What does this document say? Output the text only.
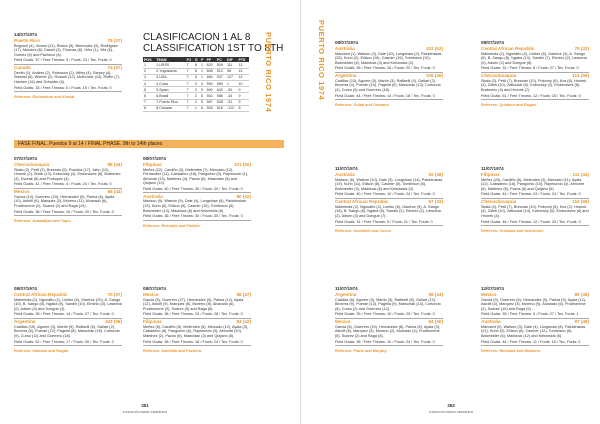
14/07/1974
Puerto Rico	75 (37)
Brignoni (4), Vicens (11), Rivera (5), Bermudez (9), Rodriguez (17), Morales (8), Daniel (3), Thomas (8), Ortiz (1), Vilá (6), Gómez (6) and Pacheco (6).
Field Goals: 37 / Free Throws: 9 / Fouls: 23 / Tec. Fouls: 0
Canada	74 (37)
Devlin (1), Anders (2), Robinson (2), Wiley (4), Stepey (4), Stewart (6), Wiener (2), Russell (12), McKenzie (14), Ruffin (7), Hansen (16) and Schuster (6).
Field Goals: 33 / Free Throws: 5 / Fouls: 15 / Tec. Fouls: 0
Referees: Richardson and Kirana.
CLASIFICACION 1 AL 8
CLASSIFICATION 1ST TO 8TH
POS	TEAM	PJ	G	P	PF	PC	DIF	PTS
1	1.URSS	7	6	1	620	509	111	13
2	2.Yugoslavia	7	6	1	608	510	98	13
3	3.USA	7	6	1	664	537	127	13
4	4.Cuba	7	3	4	590	589	1	10
5	5.Spain	7	2	5	590	640	-50	9
6	6.Brasil	7	2	5	552	586	-34	9
7	7.Puerto Rico	7	2	5	587	638	-51	9
8	8.Canada	7	1	6	506	618	-112	8	PUERTO RICO 1974
FASE FINAL. Puestos 9 al 14 / FINAL PHASE. 9th to 14th places
07/07/1974
Checoslovaquia	86 (44)
Skala (2), Pető (2), Bresnán (5), Ruzicka (17), Jahn (12), Hronek (2), Zidek (10), Kobovský (4), Endonaves (8), Brabenec (4), Dvorak (6) and Prokopec (4).
Field Goals: 41 / Free Throws: 4 / Fouls: 24 / Tec. Fouls: 0
Mexico	86 (43)
Garcia (10), Guerrero (20), Hernandez (5), Palma (6), Ayala (10), Astolfi (6), Marquez (2), Moreno (11), Alvarado (6), Prudhomme (2), Suarez (2) and Raga (10).
Field Goals: 38 / Free Throws: 10 / Fouls: 20 / Tec. Fouls: 0
Referees: Arabadjian and Topic.
08/07/1974
Central African Republic	70 (37)
Maliminda (2), Ngonafio (2), Limbio (6), Gambor (20), A. Sango (10), B. Sango (8), Ngaba (9), Sandin (10), Elminio (3), Lawrana (0), Adsen (0) and Dongue (3).
Field Goals: 28 / Free Throws: 14 / Fouls: 27 / Tec. Fouls: 0
Argentina	103 (56)
Cadillac (10), Aguirre (3), Martin (5), Raffaelli (6), Gallart (2), Becerra (6), Puerari (12), Pagella (8), Marschak (18), Cortondo (9), Curso (11) and Guerrero (18).
Field Goals: 52 / Free Throws: 17 / Fouls: 30 / Tec. Fouls: 2
Referees: Galeano and Rogan.
08/07/1974
Filipinas	101 (50)
Meñez (22), Cardiño (3), Melendes (7), Mercado (12), Fernandez (11), Cabadeno (18), Pangomio (9), Raymundo (1), Almonte (13), Martinez (4), Pazos (6), Maavidan (8) and Quijano (10).
Field Goals: 50 / Free Throws: 30 / Fouls: 20 / Tec. Fouls: 0
Australia	80 (42)
Madson (9), Watson (9), Dale (4), Longshaw (6), Palubinskas (19), Kuhn (6), Ellison (6), Casmirr (15), Tomlinson (6), Batchelder (13), Maddock (6) and Kelsinskis (6).
Field Goals: 36 / Free Throws: 30 / Fouls: 30 / Tec. Fouls: 0
Referees: Richards and Fischer.
08/07/1974
Mexico	88 (47)
Garcia (5), Guerrero (27), Hernandez (5), Palma (12), Ayala (12), Astolfi (9), Marquez (6), Moreno (8), Alvarado (6), Prudhomme (0), Suarez (5) and Raga (8).
Field Goals: 38 / Free Throws: 23 / Fouls: 28 / Tec. Fouls: 0
Filipinas	84 (42)
Meñez (5), Cardiño (6), Melendes (5), Mercado (12), Ayala (3), Cabadeno (8), Pangomio (6), Raymundo (3), Almonte (10), Martinez (2), Pazos (6), Maavidan (3) and Quijano (8).
Field Goals: 38 / Free Throws: 18 / Fouls: 24 / Tec. Fouls: 0
Referees: Zarebkin and Pachera.
351
FUNDACIÓN PEDRO FERRÁNDIZ
PUERTO RICO 1974 08/07/1974
Australia	102 (53)
Mandant (1), Watson (3), Dale (10), Longshaw (2), Palubinskas (26), Kuhn (2), Ellison (16), Casmirr (15), Tomlinson (10), Batchelder (6), Maddock (4) and Kelsinskis (2).
Field Goals: 35 / Free Throws: 16 / Fouls: 22 / Tec. Fouls: 0
Argentina	105 (46)
Cadillac (13), Aguirre (3), Martin (3), Raffaelli (4), Gallart (2), Becerra (4), Puerari (10), Pagella (6), Marschak (13), Cortondo (4), Curso (6) and Guerrero (18).
Field Goals: 44 / Free Throws: 14 / Fouls: 18 / Tec. Fouls: 0
Referees: Gulati and Ortmann.
08/07/1974
Central African Republic	70 (32)
Maliminda (2), Ngonafio (4), Limbio (6), Gambor (4), A. Sango (6), B. Sango (8), Ngaba (10), Sandin (7), Elminio (2), Lawrana (0), Adsen (2) and Dongue (8).
Field Goals: 31 / Free Throws: 8 / Fouls: 27 / Tec. Fouls: 0
Checoslovaquia	113 (59)
Skala (2), Pető (7), Bresnán (10), Pokorný (6), Kos (6), Hronek (4), Zidek (10), Zatloukal (6), Kobovský (2), Endonaves (8), Brabenec (4) and Hronek (7).
Field Goals: 51 / Free Throws: 12 / Fouls: 15 / Tec. Fouls: 0
Referees: Quintero and Rogan.
11/07/1974
Australia	92 (48)
Madson (6), Watson (10), Dale (3), Longshaw (14), Palubinskas (19), Kuhn (11), Ellison (8), Casmirr (6), Tomlinson (6), Batchelder (3), Maddock (6) and Kelsinskis (2).
Field Goals: 40 / Free Throws: 10 / Fouls: 24 / Tec. Fouls: 0
Central African Republic	67 (33)
Maliminda (2), Ngonafio (2), Limbio (8), Gambor (9), A. Sango (18), B. Sango (6), Ngaba (6), Sandin (2), Elminio (2), Lawrana (2), Adsen (3) and Dongue (7).
Field Goals: 31 / Free Throws: 5 / Fouls: 21 / Tec. Fouls: 0
Referees: Dvořáček and Cuevo.
11/07/1974
Filipinas	111 (44)
Meñez (20), Cardiño (6), Melendes (3), Mercado (11), Ayala (12), Cabadeno (16), Pangomio (10), Raymundo (4), Almonte (6), Martinez (6), Pazos (6) and Quijano (6).
Field Goals: 44 / Free Throws: 24 / Fouls: 24 / Tec. Fouls: 0
Checoslovaquia	116 (65)
Skala (2), Pető (7), Bresnán (10), Pokorný (6), Kos (2), Hronek (4), Zidek (10), Zatloukal (14), Kobovský (0), Endonaves (8) and Hronek (4).
Field Goals: 46 / Free Throws: 12 / Fouls: 20 / Tec. Fouls: 0
Referees: Grinsaas and Schroeder.
11/07/1974
Argentina	98 (44)
Cadillac (6), Aguirre (4), Martin (3), Raffaelli (8), Gallart (12), Becerra (9), Puerari (13), Pagella (9), Marschak (14), Cortondo (6), Curso (2) and Guerrero (12).
Field Goals: 39 / Free Throws: 10 / Fouls: 20 / Tec. Fouls: 0
Mexico	84 (40)
Garcia (6), Guerrero (20), Hernandez (8), Palma (6), Ayala (3), Astolfi (6), Marquez (3), Moreno (2), Alvarado (4), Prudhomme (6), Suarez (2) and Raga (8).
Field Goals: 38 / Free Throws: 10 / Fouls: 24 / Tec. Fouls: 0
Referees: Plarts and Murphy.
12/07/1974
Mexico	89 (45)
Garcia (9), Guerrero (6), Hernandez (0), Palma (9), Ayala (12), Astolfi (4), Marquez (3), Moreno (9), Alvarado (6), Prudhomme (2), Suarez (10) and Raga (9).
Field Goals: 39 / Free Throws: 9 / Fouls: 27 / Tec. Fouls: 1
Australia	97 (48)
Mandant (0), Watson (3), Dale (4), Longshaw (8), Palubinskas (21), Kuhn (2), Ellison (6), Casmirr (12), Tomlinson (8), Batchelder (6), Maddock (12) and Kelsinskis (6).
Field Goals: 44 / Free Throws: 11 / Fouls: 18 / Tec. Fouls: 0
Referees: Richards and Munkers.
352
FUNDACIÓN PEDRO FERRÁNDIZ
